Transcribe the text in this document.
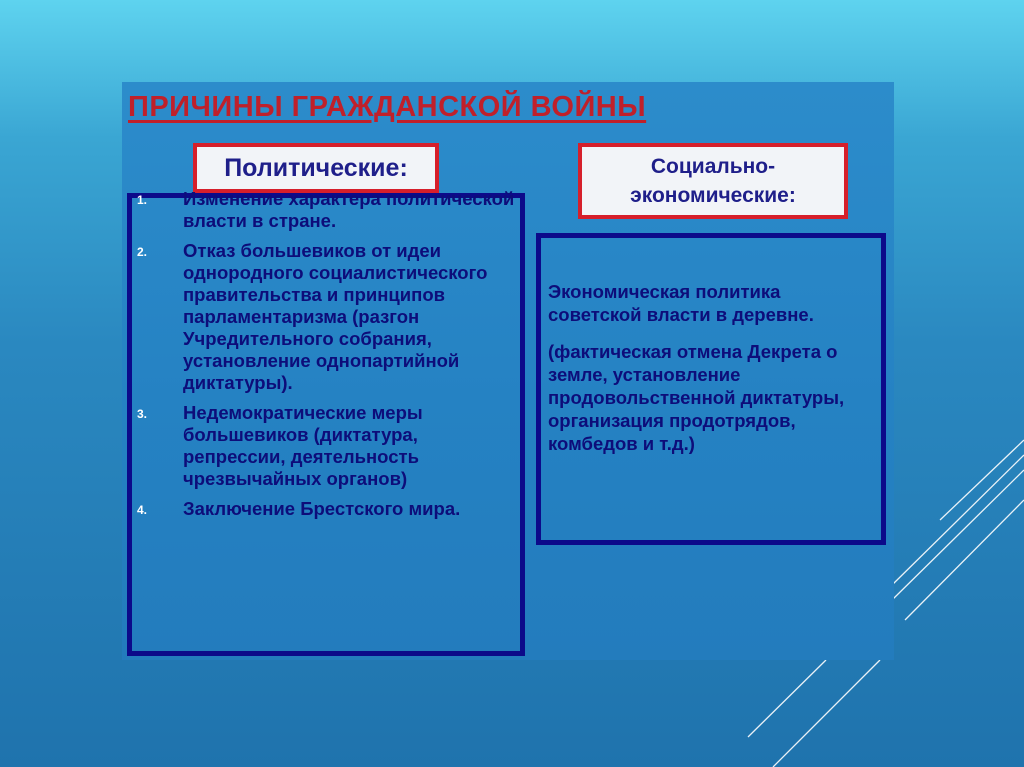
ПРИЧИНЫ ГРАЖДАНСКОЙ ВОЙНЫ
Политические:	Социально-
экономические:
1. Изменение характера политической власти в стране.
2. Отказ большевиков от идеи однородного социалистического правительства и принципов парламентаризма (разгон Учредительного собрания, установление однопартийной диктатуры).
3. Недемократические меры большевиков (диктатура, репрессии, деятельность чрезвычайных органов)
4. Заключение Брестского мира.

Экономическая политика советской власти в деревне.

(фактическая отмена Декрета о земле, установление продовольственной диктатуры, организация продотрядов, комбедов и т.д.)
